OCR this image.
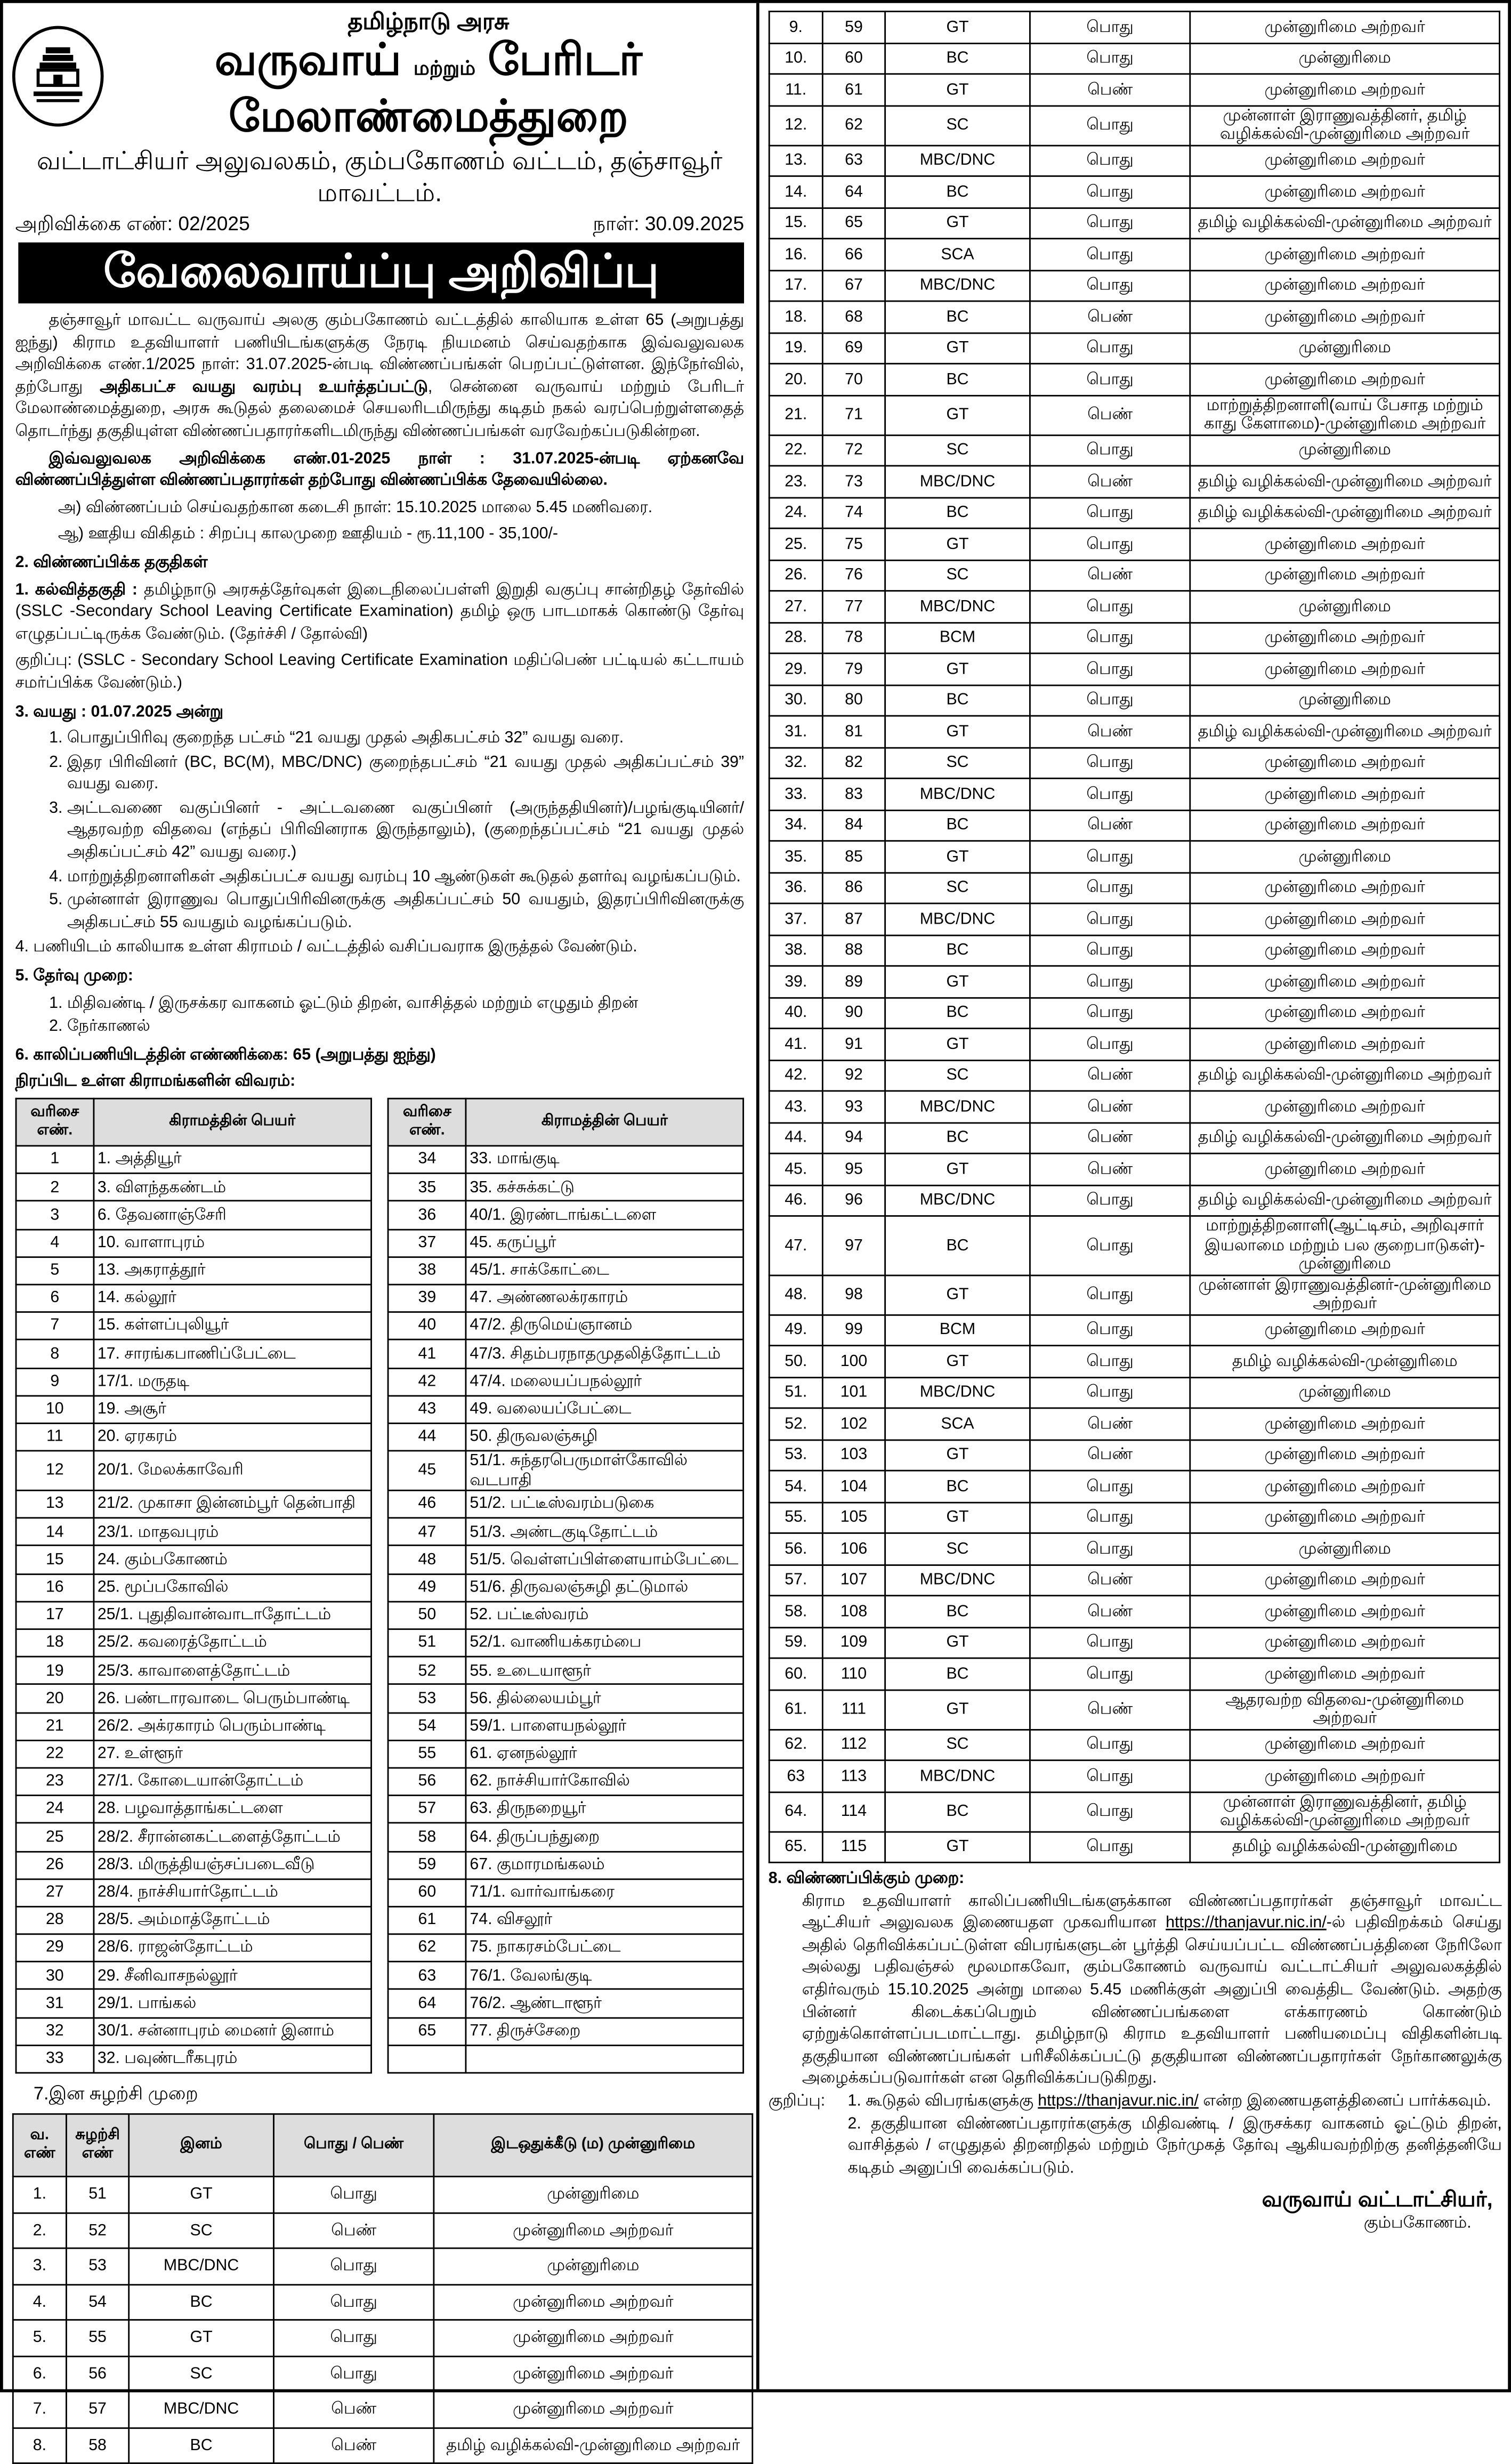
தமிழ்நாடு அரசு
வருவாய் மற்றும் பேரிடர் மேலாண்மைத்துறை
வட்டாட்சியர் அலுவலகம், கும்பகோணம் வட்டம், தஞ்சாவூர் மாவட்டம்.
அறிவிக்கை எண்: 02/2025	நாள்: 30.09.2025
வேலைவாய்ப்பு அறிவிப்பு

தஞ்சாவூர் மாவட்ட வருவாய் அலகு கும்பகோணம் வட்டத்தில் காலியாக உள்ள 65 (அறுபத்து ஐந்து) கிராம உதவியாளர் பணியிடங்களுக்கு நேரடி நியமனம் செய்வதற்காக இவ்வலுவலக அறிவிக்கை எண்.1/2025 நாள்: 31.07.2025-ன்படி விண்ணப்பங்கள் பெறப்பட்டுள்ளன. இந்நேர்வில், தற்போது அதிகபட்ச வயது வரம்பு உயர்த்தப்பட்டு, சென்னை வருவாய் மற்றும் பேரிடர் மேலாண்மைத்துறை, அரசு கூடுதல் தலைமைச் செயலரிடமிருந்து கடிதம் நகல் வரப்பெற்றுள்ளதைத் தொடர்ந்து தகுதியுள்ள விண்ணப்பதாரர்களிடமிருந்து விண்ணப்பங்கள் வரவேற்கப்படுகின்றன.

இவ்வலுவலக அறிவிக்கை எண்.01-2025 நாள் : 31.07.2025-ன்படி ஏற்கனவே விண்ணப்பித்துள்ள விண்ணப்பதாரர்கள் தற்போது விண்ணப்பிக்க தேவையில்லை.

அ) விண்ணப்பம் செய்வதற்கான கடைசி நாள்: 15.10.2025 மாலை 5.45 மணிவரை.

ஆ) ஊதிய விகிதம் : சிறப்பு காலமுறை ஊதியம் - ரூ.11,100 - 35,100/-

2. விண்ணப்பிக்க தகுதிகள்

1. கல்வித்தகுதி : தமிழ்நாடு அரசுத்தேர்வுகள் இடைநிலைப்பள்ளி இறுதி வகுப்பு சான்றிதழ் தேர்வில் (SSLC -Secondary School Leaving Certificate Examination) தமிழ் ஒரு பாடமாகக் கொண்டு தேர்வு எழுதப்பட்டிருக்க வேண்டும். (தேர்ச்சி / தோல்வி)

குறிப்பு: (SSLC - Secondary School Leaving Certificate Examination மதிப்பெண் பட்டியல் கட்டாயம் சமர்ப்பிக்க வேண்டும்.)

3. வயது : 01.07.2025 அன்று

1. பொதுப்பிரிவு குறைந்த பட்சம் “21 வயது முதல் அதிகபட்சம் 32” வயது வரை.
2. இதர பிரிவினர் (BC, BC(M), MBC/DNC) குறைந்தபட்சம் “21 வயது முதல் அதிகப்பட்சம் 39” வயது வரை.
3. அட்டவணை வகுப்பினர் - அட்டவணை வகுப்பினர் (அருந்ததியினர்)/பழங்குடியினர்/ ஆதரவற்ற விதவை (எந்தப் பிரிவினராக இருந்தாலும்), (குறைந்தப்பட்சம் “21 வயது முதல் அதிகப்பட்சம் 42” வயது வரை.)
4. மாற்றுத்திறனாளிகள் அதிகப்பட்ச வயது வரம்பு 10 ஆண்டுகள் கூடுதல் தளர்வு வழங்கப்படும்.
5. முன்னாள் இராணுவ பொதுப்பிரிவினருக்கு அதிகப்பட்சம் 50 வயதும், இதரப்பிரிவினருக்கு அதிகபட்சம் 55 வயதும் வழங்கப்படும்.

4. பணியிடம் காலியாக உள்ள கிராமம் / வட்டத்தில் வசிப்பவராக இருத்தல் வேண்டும்.

5. தேர்வு முறை:

1. மிதிவண்டி / இருசக்கர வாகனம் ஓட்டும் திறன், வாசித்தல் மற்றும் எழுதும் திறன்
2. நேர்காணல்

6. காலிப்பணியிடத்தின் எண்ணிக்கை: 65 (அறுபத்து ஐந்து)

நிரப்பிட உள்ள கிராமங்களின் விவரம்:

வரிசை எண்.	கிராமத்தின் பெயர்		வரிசை எண்.	கிராமத்தின் பெயர்
1	1. அத்தியூர்		34	33. மாங்குடி
2	3. விளந்தகண்டம்		35	35. கச்சுக்கட்டு
3	6. தேவனாஞ்சேரி		36	40/1. இரண்டாங்கட்டளை
4	10. வாளாபுரம்		37	45. கருப்பூர்
5	13. அகராத்தூர்		38	45/1. சாக்கோட்டை
6	14. கல்லூர்		39	47. அண்ணலக்ரகாரம்
7	15. கள்ளப்புலியூர்		40	47/2. திருமெய்ஞானம்
8	17. சாரங்கபாணிப்பேட்டை		41	47/3. சிதம்பரநாதமுதலித்தோட்டம்
9	17/1. மருதடி		42	47/4. மலையப்பநல்லூர்
10	19. அசூர்		43	49. வலையப்பேட்டை
11	20. ஏரகரம்		44	50. திருவலஞ்சுழி
12	20/1. மேலக்காவேரி		45	51/1. சுந்தரபெருமாள்கோவில் வடபாதி
13	21/2. முகாசா இன்னம்பூர் தென்பாதி		46	51/2. பட்டீஸ்வரம்படுகை
14	23/1. மாதவபுரம்		47	51/3. அண்டகுடிதோட்டம்
15	24. கும்பகோணம்		48	51/5. வெள்ளப்பிள்ளையாம்பேட்டை
16	25. மூப்பகோவில்		49	51/6. திருவலஞ்சுழி தட்டுமால்
17	25/1. புதுதிவான்வாடாதோட்டம்		50	52. பட்டீஸ்வரம்
18	25/2. கவரைத்தோட்டம்		51	52/1. வாணியக்கரம்பை
19	25/3. காவாளைத்தோட்டம்		52	55. உடையாளூர்
20	26. பண்டாரவாடை பெரும்பாண்டி		53	56. தில்லையம்பூர்
21	26/2. அக்ரகாரம் பெரும்பாண்டி		54	59/1. பாளையநல்லூர்
22	27. உள்ளூர்		55	61. ஏனநல்லூர்
23	27/1. கோடையான்தோட்டம்		56	62. நாச்சியார்கோவில்
24	28. பழவாத்தாங்கட்டளை		57	63. திருநறையூர்
25	28/2. சீரான்னகட்டளைத்தோட்டம்		58	64. திருப்பந்துறை
26	28/3. மிருத்தியஞ்சப்படைவீடு		59	67. குமாரமங்கலம்
27	28/4. நாச்சியார்தோட்டம்		60	71/1. வார்வாங்கரை
28	28/5. அம்மாத்தோட்டம்		61	74. விசலூர்
29	28/6. ராஜன்தோட்டம்		62	75. நாகரசம்பேட்டை
30	29. சீனிவாசநல்லூர்		63	76/1. வேலங்குடி
31	29/1. பாங்கல்		64	76/2. ஆண்டாளூர்
32	30/1. சன்னாபுரம் மைனர் இனாம்		65	77. திருச்சேறை
33	32. பவுண்டரீகபுரம்			
7.இன சுழற்சி முறை
வ. எண்	சுழற்சி எண்	இனம்	பொது / பெண்	இடஒதுக்கீடு (ம) முன்னுரிமை
1.	51	GT	பொது	முன்னுரிமை
2.	52	SC	பெண்	முன்னுரிமை அற்றவர்
3.	53	MBC/DNC	பொது	முன்னுரிமை
4.	54	BC	பொது	முன்னுரிமை அற்றவர்
5.	55	GT	பொது	முன்னுரிமை அற்றவர்
6.	56	SC	பொது	முன்னுரிமை அற்றவர்
7.	57	MBC/DNC	பெண்	முன்னுரிமை அற்றவர்
8.	58	BC	பெண்	தமிழ் வழிக்கல்வி-முன்னுரிமை அற்றவர்
9.	59	GT	பொது	முன்னுரிமை அற்றவர்
10.	60	BC	பொது	முன்னுரிமை
11.	61	GT	பெண்	முன்னுரிமை அற்றவர்
12.	62	SC	பொது	முன்னாள் இராணுவத்தினர், தமிழ் வழிக்கல்வி-முன்னுரிமை அற்றவர்
13.	63	MBC/DNC	பொது	முன்னுரிமை அற்றவர்
14.	64	BC	பொது	முன்னுரிமை அற்றவர்
15.	65	GT	பொது	தமிழ் வழிக்கல்வி-முன்னுரிமை அற்றவர்
16.	66	SCA	பொது	முன்னுரிமை அற்றவர்
17.	67	MBC/DNC	பொது	முன்னுரிமை அற்றவர்
18.	68	BC	பெண்	முன்னுரிமை அற்றவர்
19.	69	GT	பொது	முன்னுரிமை
20.	70	BC	பொது	முன்னுரிமை அற்றவர்
21.	71	GT	பெண்	மாற்றுத்திறனாளி(வாய் பேசாத மற்றும் காது கேளாமை)-முன்னுரிமை அற்றவர்
22.	72	SC	பொது	முன்னுரிமை
23.	73	MBC/DNC	பெண்	தமிழ் வழிக்கல்வி-முன்னுரிமை அற்றவர்
24.	74	BC	பொது	தமிழ் வழிக்கல்வி-முன்னுரிமை அற்றவர்
25.	75	GT	பொது	முன்னுரிமை அற்றவர்
26.	76	SC	பெண்	முன்னுரிமை அற்றவர்
27.	77	MBC/DNC	பொது	முன்னுரிமை
28.	78	BCM	பொது	முன்னுரிமை அற்றவர்
29.	79	GT	பொது	முன்னுரிமை அற்றவர்
30.	80	BC	பொது	முன்னுரிமை
31.	81	GT	பெண்	தமிழ் வழிக்கல்வி-முன்னுரிமை அற்றவர்
32.	82	SC	பொது	முன்னுரிமை அற்றவர்
33.	83	MBC/DNC	பொது	முன்னுரிமை அற்றவர்
34.	84	BC	பெண்	முன்னுரிமை அற்றவர்
35.	85	GT	பொது	முன்னுரிமை
36.	86	SC	பொது	முன்னுரிமை அற்றவர்
37.	87	MBC/DNC	பொது	முன்னுரிமை அற்றவர்
38.	88	BC	பொது	முன்னுரிமை அற்றவர்
39.	89	GT	பொது	முன்னுரிமை அற்றவர்
40.	90	BC	பொது	முன்னுரிமை அற்றவர்
41.	91	GT	பொது	முன்னுரிமை அற்றவர்
42.	92	SC	பெண்	தமிழ் வழிக்கல்வி-முன்னுரிமை அற்றவர்
43.	93	MBC/DNC	பெண்	முன்னுரிமை அற்றவர்
44.	94	BC	பெண்	தமிழ் வழிக்கல்வி-முன்னுரிமை அற்றவர்
45.	95	GT	பெண்	முன்னுரிமை அற்றவர்
46.	96	MBC/DNC	பொது	தமிழ் வழிக்கல்வி-முன்னுரிமை அற்றவர்
47.	97	BC	பொது	மாற்றுத்திறனாளி(ஆட்டிசம், அறிவுசார் இயலாமை மற்றும் பல குறைபாடுகள்)-முன்னுரிமை
48.	98	GT	பொது	முன்னாள் இராணுவத்தினர்-முன்னுரிமை அற்றவர்
49.	99	BCM	பொது	முன்னுரிமை அற்றவர்
50.	100	GT	பொது	தமிழ் வழிக்கல்வி-முன்னுரிமை
51.	101	MBC/DNC	பொது	முன்னுரிமை
52.	102	SCA	பெண்	முன்னுரிமை அற்றவர்
53.	103	GT	பெண்	முன்னுரிமை அற்றவர்
54.	104	BC	பொது	முன்னுரிமை அற்றவர்
55.	105	GT	பொது	முன்னுரிமை அற்றவர்
56.	106	SC	பொது	முன்னுரிமை
57.	107	MBC/DNC	பெண்	முன்னுரிமை அற்றவர்
58.	108	BC	பெண்	முன்னுரிமை அற்றவர்
59.	109	GT	பொது	முன்னுரிமை அற்றவர்
60.	110	BC	பொது	முன்னுரிமை அற்றவர்
61.	111	GT	பெண்	ஆதரவற்ற விதவை-முன்னுரிமை அற்றவர்
62.	112	SC	பொது	முன்னுரிமை அற்றவர்
63	113	MBC/DNC	பொது	முன்னுரிமை அற்றவர்
64.	114	BC	பொது	முன்னாள் இராணுவத்தினர், தமிழ் வழிக்கல்வி-முன்னுரிமை அற்றவர்
65.	115	GT	பொது	தமிழ் வழிக்கல்வி-முன்னுரிமை

8. விண்ணப்பிக்கும் முறை:

கிராம உதவியாளர் காலிப்பணியிடங்களுக்கான விண்ணப்பதாரர்கள் தஞ்சாவூர் மாவட்ட ஆட்சியர் அலுவலக இணையதள முகவரியான https://thanjavur.nic.in/-ல் பதிவிறக்கம் செய்து அதில் தெரிவிக்கப்பட்டுள்ள விபரங்களுடன் பூர்த்தி செய்யப்பட்ட விண்ணப்பத்தினை நேரிலோ அல்லது பதிவஞ்சல் மூலமாகவோ, கும்பகோணம் வருவாய் வட்டாட்சியர் அலுவலகத்தில் எதிர்வரும் 15.10.2025 அன்று மாலை 5.45 மணிக்குள் அனுப்பி வைத்திட வேண்டும். அதற்கு பின்னர் கிடைக்கப்பெறும் விண்ணப்பங்களை எக்காரணம் கொண்டும் ஏற்றுக்கொள்ளப்படமாட்டாது. தமிழ்நாடு கிராம உதவியாளர் பணியமைப்பு விதிகளின்படி தகுதியான விண்ணப்பங்கள் பரிசீலிக்கப்பட்டு தகுதியான விண்ணப்பதாரர்கள் நேர்காணலுக்கு அழைக்கப்படுவார்கள் என தெரிவிக்கப்படுகிறது.

குறிப்பு:	1. கூடுதல் விபரங்களுக்கு https://thanjavur.nic.in/ என்ற இணையதளத்தினைப் பார்க்கவும்.

2. தகுதியான விண்ணப்பதாரர்களுக்கு மிதிவண்டி / இருசக்கர வாகனம் ஓட்டும் திறன், வாசித்தல் / எழுதுதல் திறனறிதல் மற்றும் நேர்முகத் தேர்வு ஆகியவற்றிற்கு தனித்தனியே கடிதம் அனுப்பி வைக்கப்படும்.

வருவாய் வட்டாட்சியர்,
கும்பகோணம்.
